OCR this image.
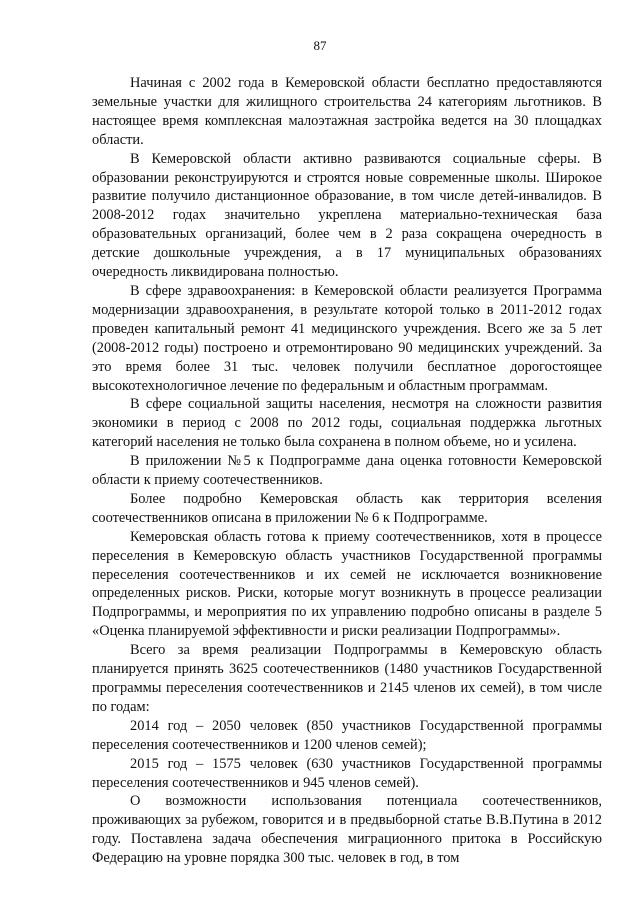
87

Начиная с 2002 года в Кемеровской области бесплатно предоставляются земельные участки для жилищного строительства 24 категориям льготников. В настоящее время комплексная малоэтажная застройка ведется на 30 площадках области.

В Кемеровской области активно развиваются социальные сферы. В образовании реконструируются и строятся новые современные школы. Широкое развитие получило дистанционное образование, в том числе детей-инвалидов. В 2008-2012 годах значительно укреплена материально-техническая база образовательных организаций, более чем в 2 раза сокращена очередность в детские дошкольные учреждения, а в 17 муниципальных образованиях очередность ликвидирована полностью.

В сфере здравоохранения: в Кемеровской области реализуется Программа модернизации здравоохранения, в результате которой только в 2011-2012 годах проведен капитальный ремонт 41 медицинского учреждения. Всего же за 5 лет (2008-2012 годы) построено и отремонтировано 90 медицинских учреждений. За это время более 31 тыс. человек получили бесплатное дорогостоящее высокотехнологичное лечение по федеральным и областным программам.

В сфере социальной защиты населения, несмотря на сложности развития экономики в период с 2008 по 2012 годы, социальная поддержка льготных категорий населения не только была сохранена в полном объеме, но и усилена.

В приложении №5 к Подпрограмме дана оценка готовности Кемеровской области к приему соотечественников.

Более подробно Кемеровская область как территория вселения соотечественников описана в приложении № 6 к Подпрограмме.

Кемеровская область готова к приему соотечественников, хотя в процессе переселения в Кемеровскую область участников Государственной программы переселения соотечественников и их семей не исключается возникновение определенных рисков. Риски, которые могут возникнуть в процессе реализации Подпрограммы, и мероприятия по их управлению подробно описаны в разделе 5 «Оценка планируемой эффективности и риски реализации Подпрограммы».

Всего за время реализации Подпрограммы в Кемеровскую область планируется принять 3625 соотечественников (1480 участников Государственной программы переселения соотечественников и 2145 членов их семей), в том числе по годам:

2014 год – 2050 человек (850 участников Государственной программы переселения соотечественников и 1200 членов семей);

2015 год – 1575 человек (630 участников Государственной программы переселения соотечественников и 945 членов семей).

О возможности использования потенциала соотечественников, проживающих за рубежом, говорится и в предвыборной статье В.В.Путина в 2012 году. Поставлена задача обеспечения миграционного притока в Российскую Федерацию на уровне порядка 300 тыс. человек в год, в том
